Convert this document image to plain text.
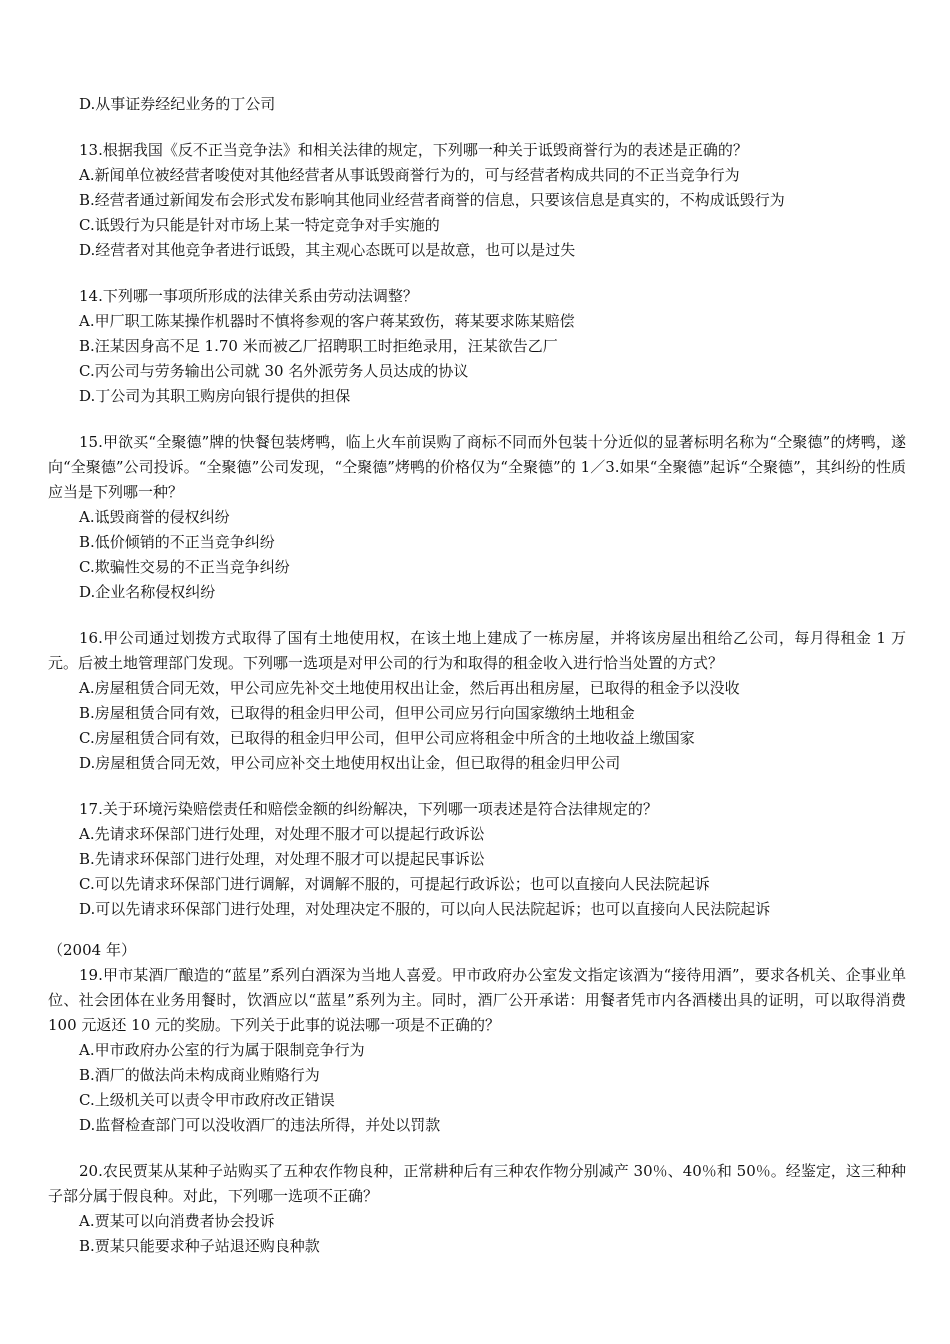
D.从事证券经纪业务的丁公司
13.根据我国《反不正当竞争法》和相关法律的规定，下列哪一种关于诋毁商誉行为的表述是正确的？
A.新闻单位被经营者唆使对其他经营者从事诋毁商誉行为的，可与经营者构成共同的不正当竞争行为
B.经营者通过新闻发布会形式发布影响其他同业经营者商誉的信息，只要该信息是真实的，不构成诋毁行为
C.诋毁行为只能是针对市场上某一特定竞争对手实施的
D.经营者对其他竞争者进行诋毁，其主观心态既可以是故意，也可以是过失
14.下列哪一事项所形成的法律关系由劳动法调整？
A.甲厂职工陈某操作机器时不慎将参观的客户蒋某致伤，蒋某要求陈某赔偿
B.汪某因身高不足 1.70 米而被乙厂招聘职工时拒绝录用，汪某欲告乙厂
C.丙公司与劳务输出公司就 30 名外派劳务人员达成的协议
D.丁公司为其职工购房向银行提供的担保
15.甲欲买“全聚德”牌的快餐包装烤鸭，临上火车前误购了商标不同而外包装十分近似的显著标明名称为“仝聚德”的烤鸭，遂向“全聚德”公司投诉。“全聚德”公司发现，“仝聚德”烤鸭的价格仅为“全聚德”的 1／3.如果“全聚德”起诉“仝聚德”，其纠纷的性质应当是下列哪一种？
A.诋毁商誉的侵权纠纷
B.低价倾销的不正当竞争纠纷
C.欺骗性交易的不正当竞争纠纷
D.企业名称侵权纠纷
16.甲公司通过划拨方式取得了国有土地使用权，在该土地上建成了一栋房屋，并将该房屋出租给乙公司，每月得租金 1 万元。后被土地管理部门发现。下列哪一选项是对甲公司的行为和取得的租金收入进行恰当处置的方式？
A.房屋租赁合同无效，甲公司应先补交土地使用权出让金，然后再出租房屋，已取得的租金予以没收
B.房屋租赁合同有效，已取得的租金归甲公司，但甲公司应另行向国家缴纳土地租金
C.房屋租赁合同有效，已取得的租金归甲公司，但甲公司应将租金中所含的土地收益上缴国家
D.房屋租赁合同无效，甲公司应补交土地使用权出让金，但已取得的租金归甲公司
17.关于环境污染赔偿责任和赔偿金额的纠纷解决，下列哪一项表述是符合法律规定的？
A.先请求环保部门进行处理，对处理不服才可以提起行政诉讼
B.先请求环保部门进行处理，对处理不服才可以提起民事诉讼
C.可以先请求环保部门进行调解，对调解不服的，可提起行政诉讼；也可以直接向人民法院起诉
D.可以先请求环保部门进行处理，对处理决定不服的，可以向人民法院起诉；也可以直接向人民法院起诉
（2004 年）
19.甲市某酒厂酿造的“蓝星”系列白酒深为当地人喜爱。甲市政府办公室发文指定该酒为“接待用酒”，要求各机关、企事业单位、社会团体在业务用餐时，饮酒应以“蓝星”系列为主。同时，酒厂公开承诺：用餐者凭市内各酒楼出具的证明，可以取得消费 100 元返还 10 元的奖励。下列关于此事的说法哪一项是不正确的？
A.甲市政府办公室的行为属于限制竞争行为
B.酒厂的做法尚未构成商业贿赂行为
C.上级机关可以责令甲市政府改正错误
D.监督检查部门可以没收酒厂的违法所得，并处以罚款
20.农民贾某从某种子站购买了五种农作物良种，正常耕种后有三种农作物分别减产 30％、40％和 50％。经鉴定，这三种种子部分属于假良种。对此，下列哪一选项不正确？
A.贾某可以向消费者协会投诉
B.贾某只能要求种子站退还购良种款
